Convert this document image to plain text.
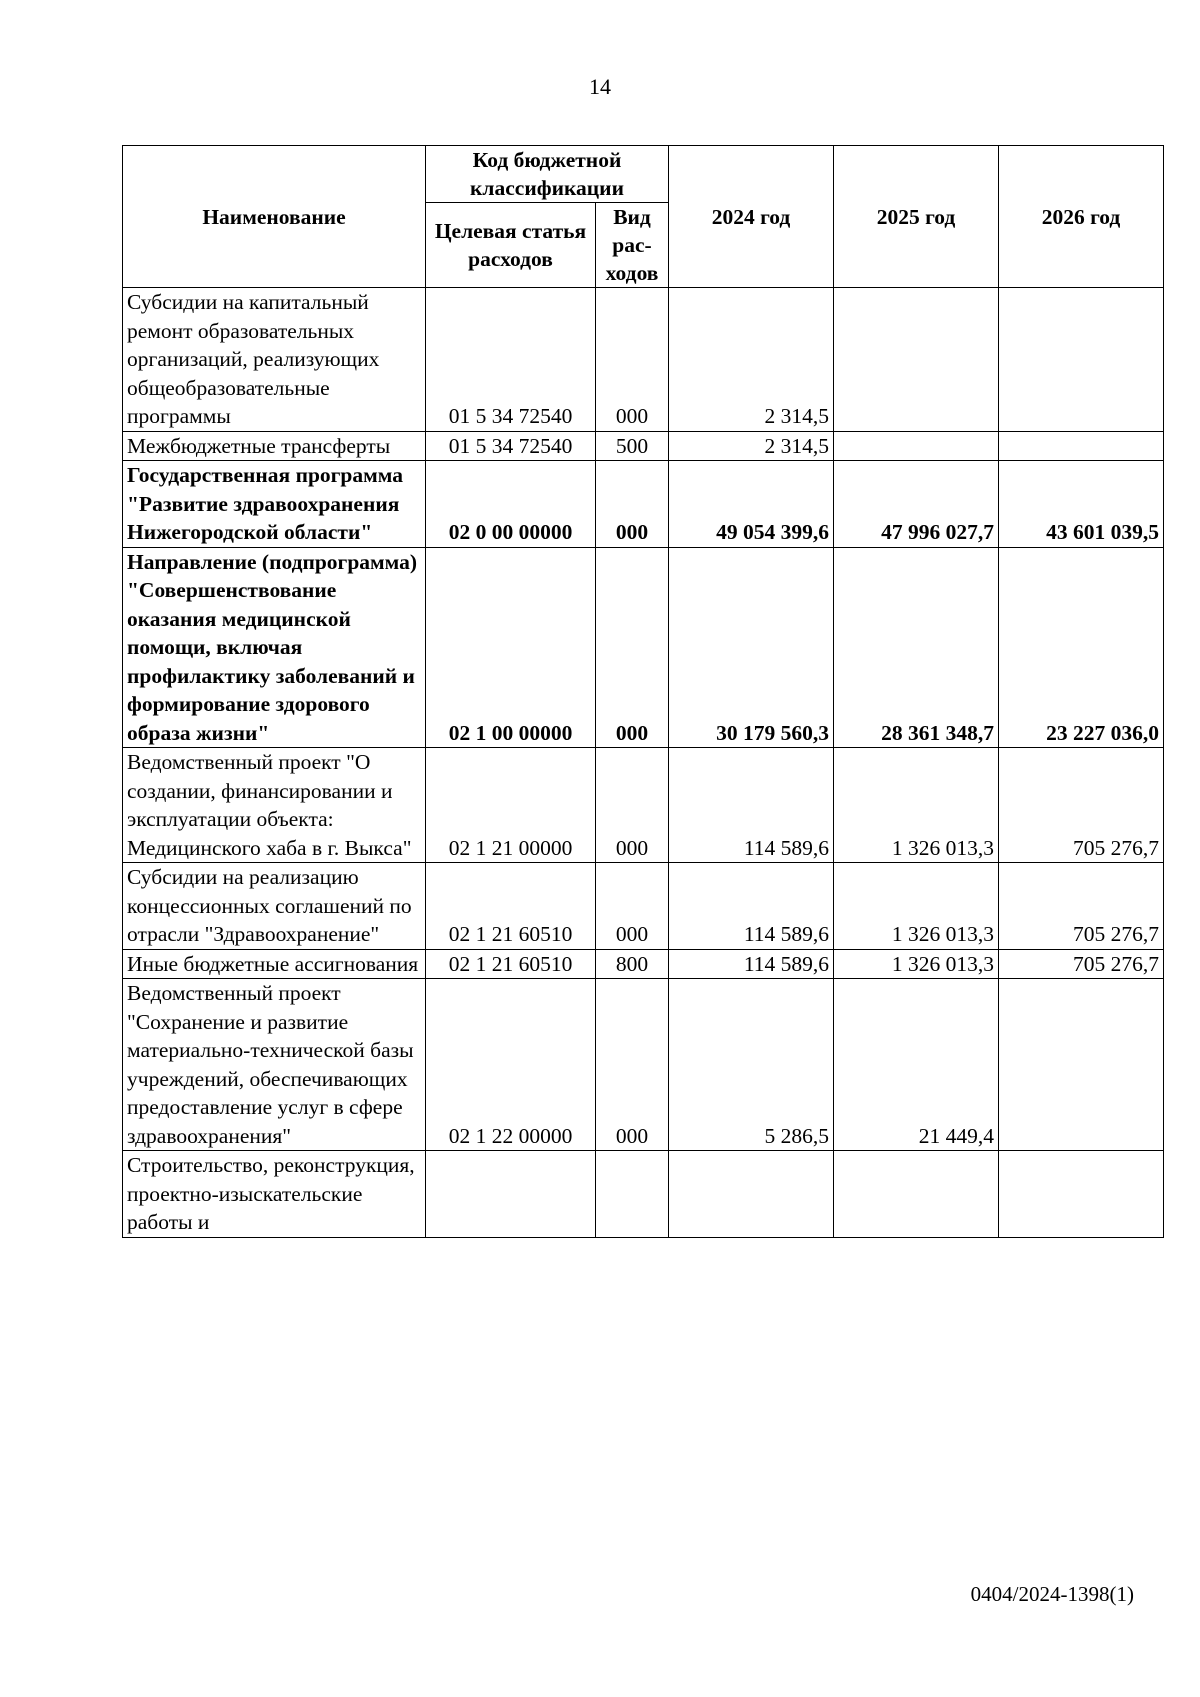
14
Наименование	Код бюджетной классификации		2024 год	2025 год	2026 год
	Целевая статья расходов	Вид рас-ходов			
Субсидии на капитальный ремонт образовательных организаций, реализующих общеобразовательные программы	01 5 34 72540	000	2 314,5		
Межбюджетные трансферты	01 5 34 72540	500	2 314,5		
Государственная программа "Развитие здравоохранения Нижегородской области"	02 0 00 00000	000	49 054 399,6	47 996 027,7	43 601 039,5
Направление (подпрограмма) "Совершенствование оказания медицинской помощи, включая профилактику заболеваний и формирование здорового образа жизни"	02 1 00 00000	000	30 179 560,3	28 361 348,7	23 227 036,0
Ведомственный проект "О создании, финансировании и эксплуатации объекта: Медицинского хаба в г. Выкса"	02 1 21 00000	000	114 589,6	1 326 013,3	705 276,7
Субсидии на реализацию концессионных соглашений по отрасли "Здравоохранение"	02 1 21 60510	000	114 589,6	1 326 013,3	705 276,7
Иные бюджетные ассигнования	02 1 21 60510	800	114 589,6	1 326 013,3	705 276,7
Ведомственный проект "Сохранение и развитие материально-технической базы учреждений, обеспечивающих предоставление услуг в сфере здравоохранения"	02 1 22 00000	000	5 286,5	21 449,4	
Строительство, реконструкция, проектно-изыскательские работы и					
0404/2024-1398(1)
